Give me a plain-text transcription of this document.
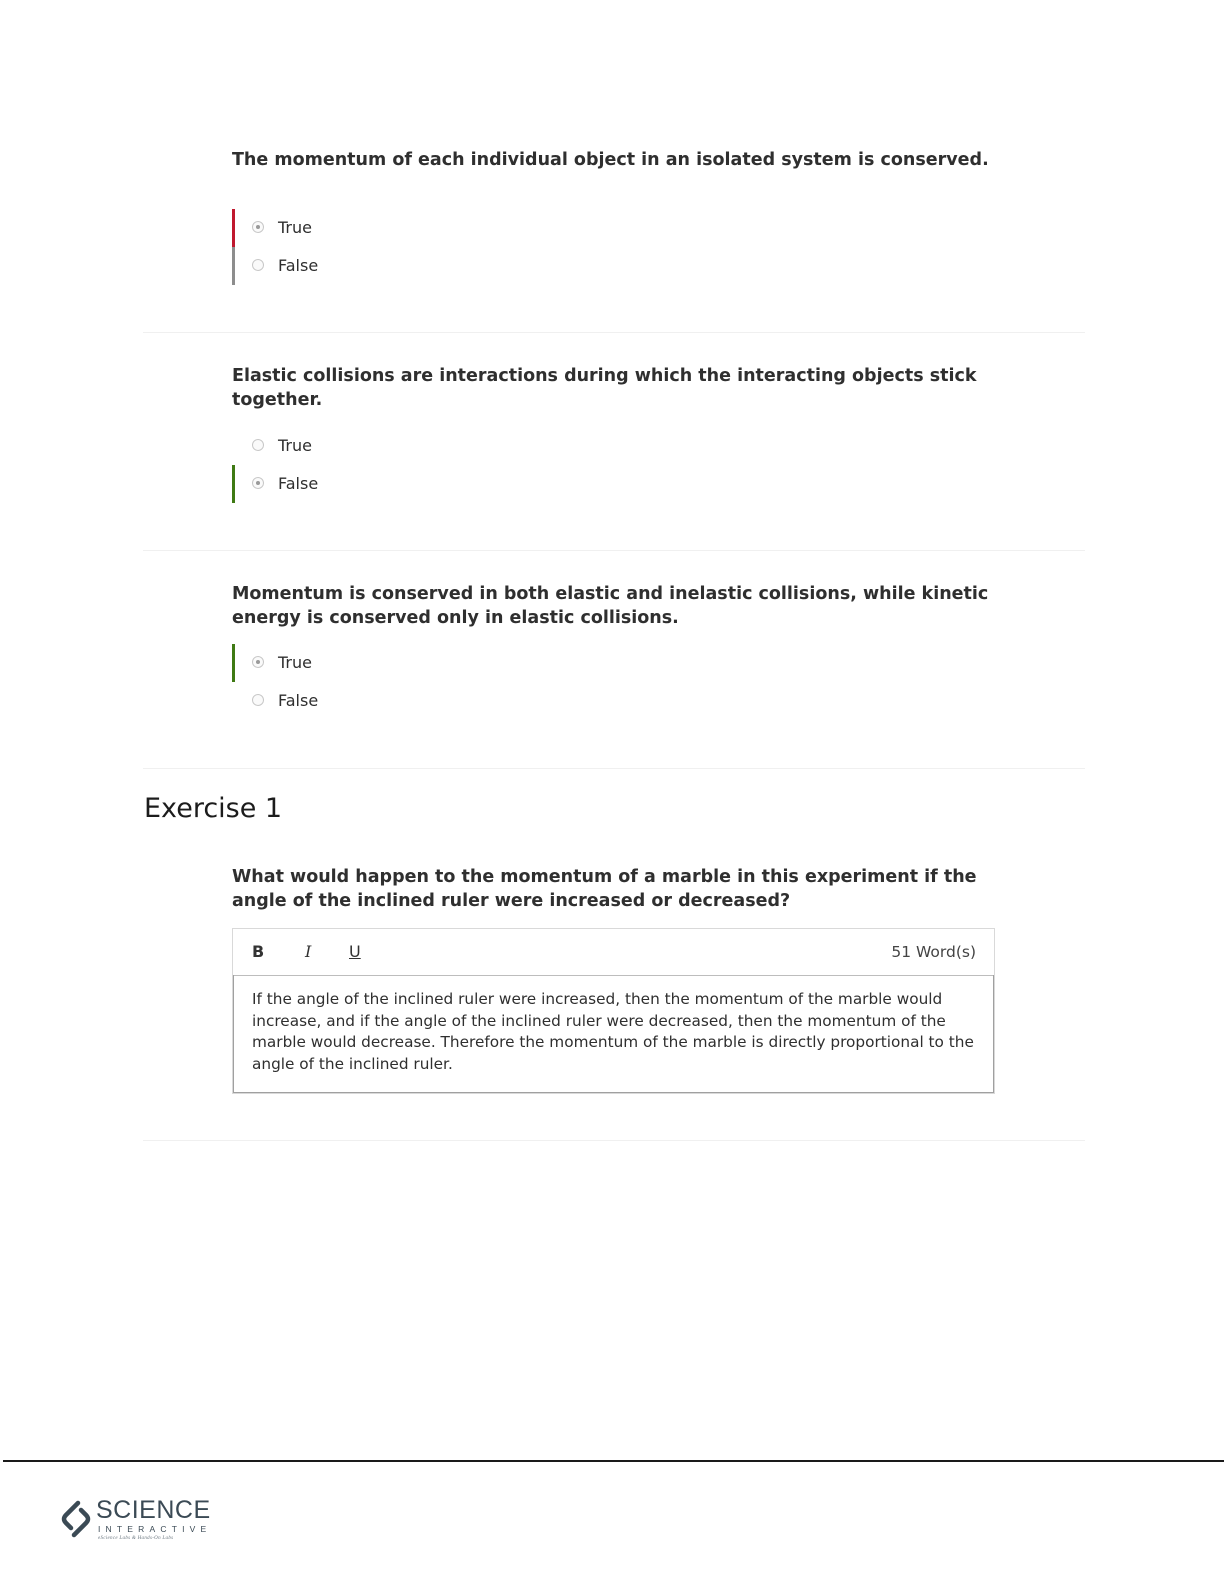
The momentum of each individual object in an isolated system is conserved.

True
False

Elastic collisions are interactions during which the interacting objects stick together.

True
False

Momentum is conserved in both elastic and inelastic collisions, while kinetic energy is conserved only in elastic collisions.

True
False
Exercise 1

What would happen to the momentum of a marble in this experiment if the angle of the inclined ruler were increased or decreased?

B	I U	51 Word(s)
If the angle of the inclined ruler were increased, then the momentum of the marble would increase, and if the angle of the inclined ruler were decreased, then the momentum of the marble would decrease. Therefore the momentum of the marble is directly proportional to the angle of the inclined ruler.
SCIENCE
INTERACTIVE
eScience Labs & Hands-On Labs
